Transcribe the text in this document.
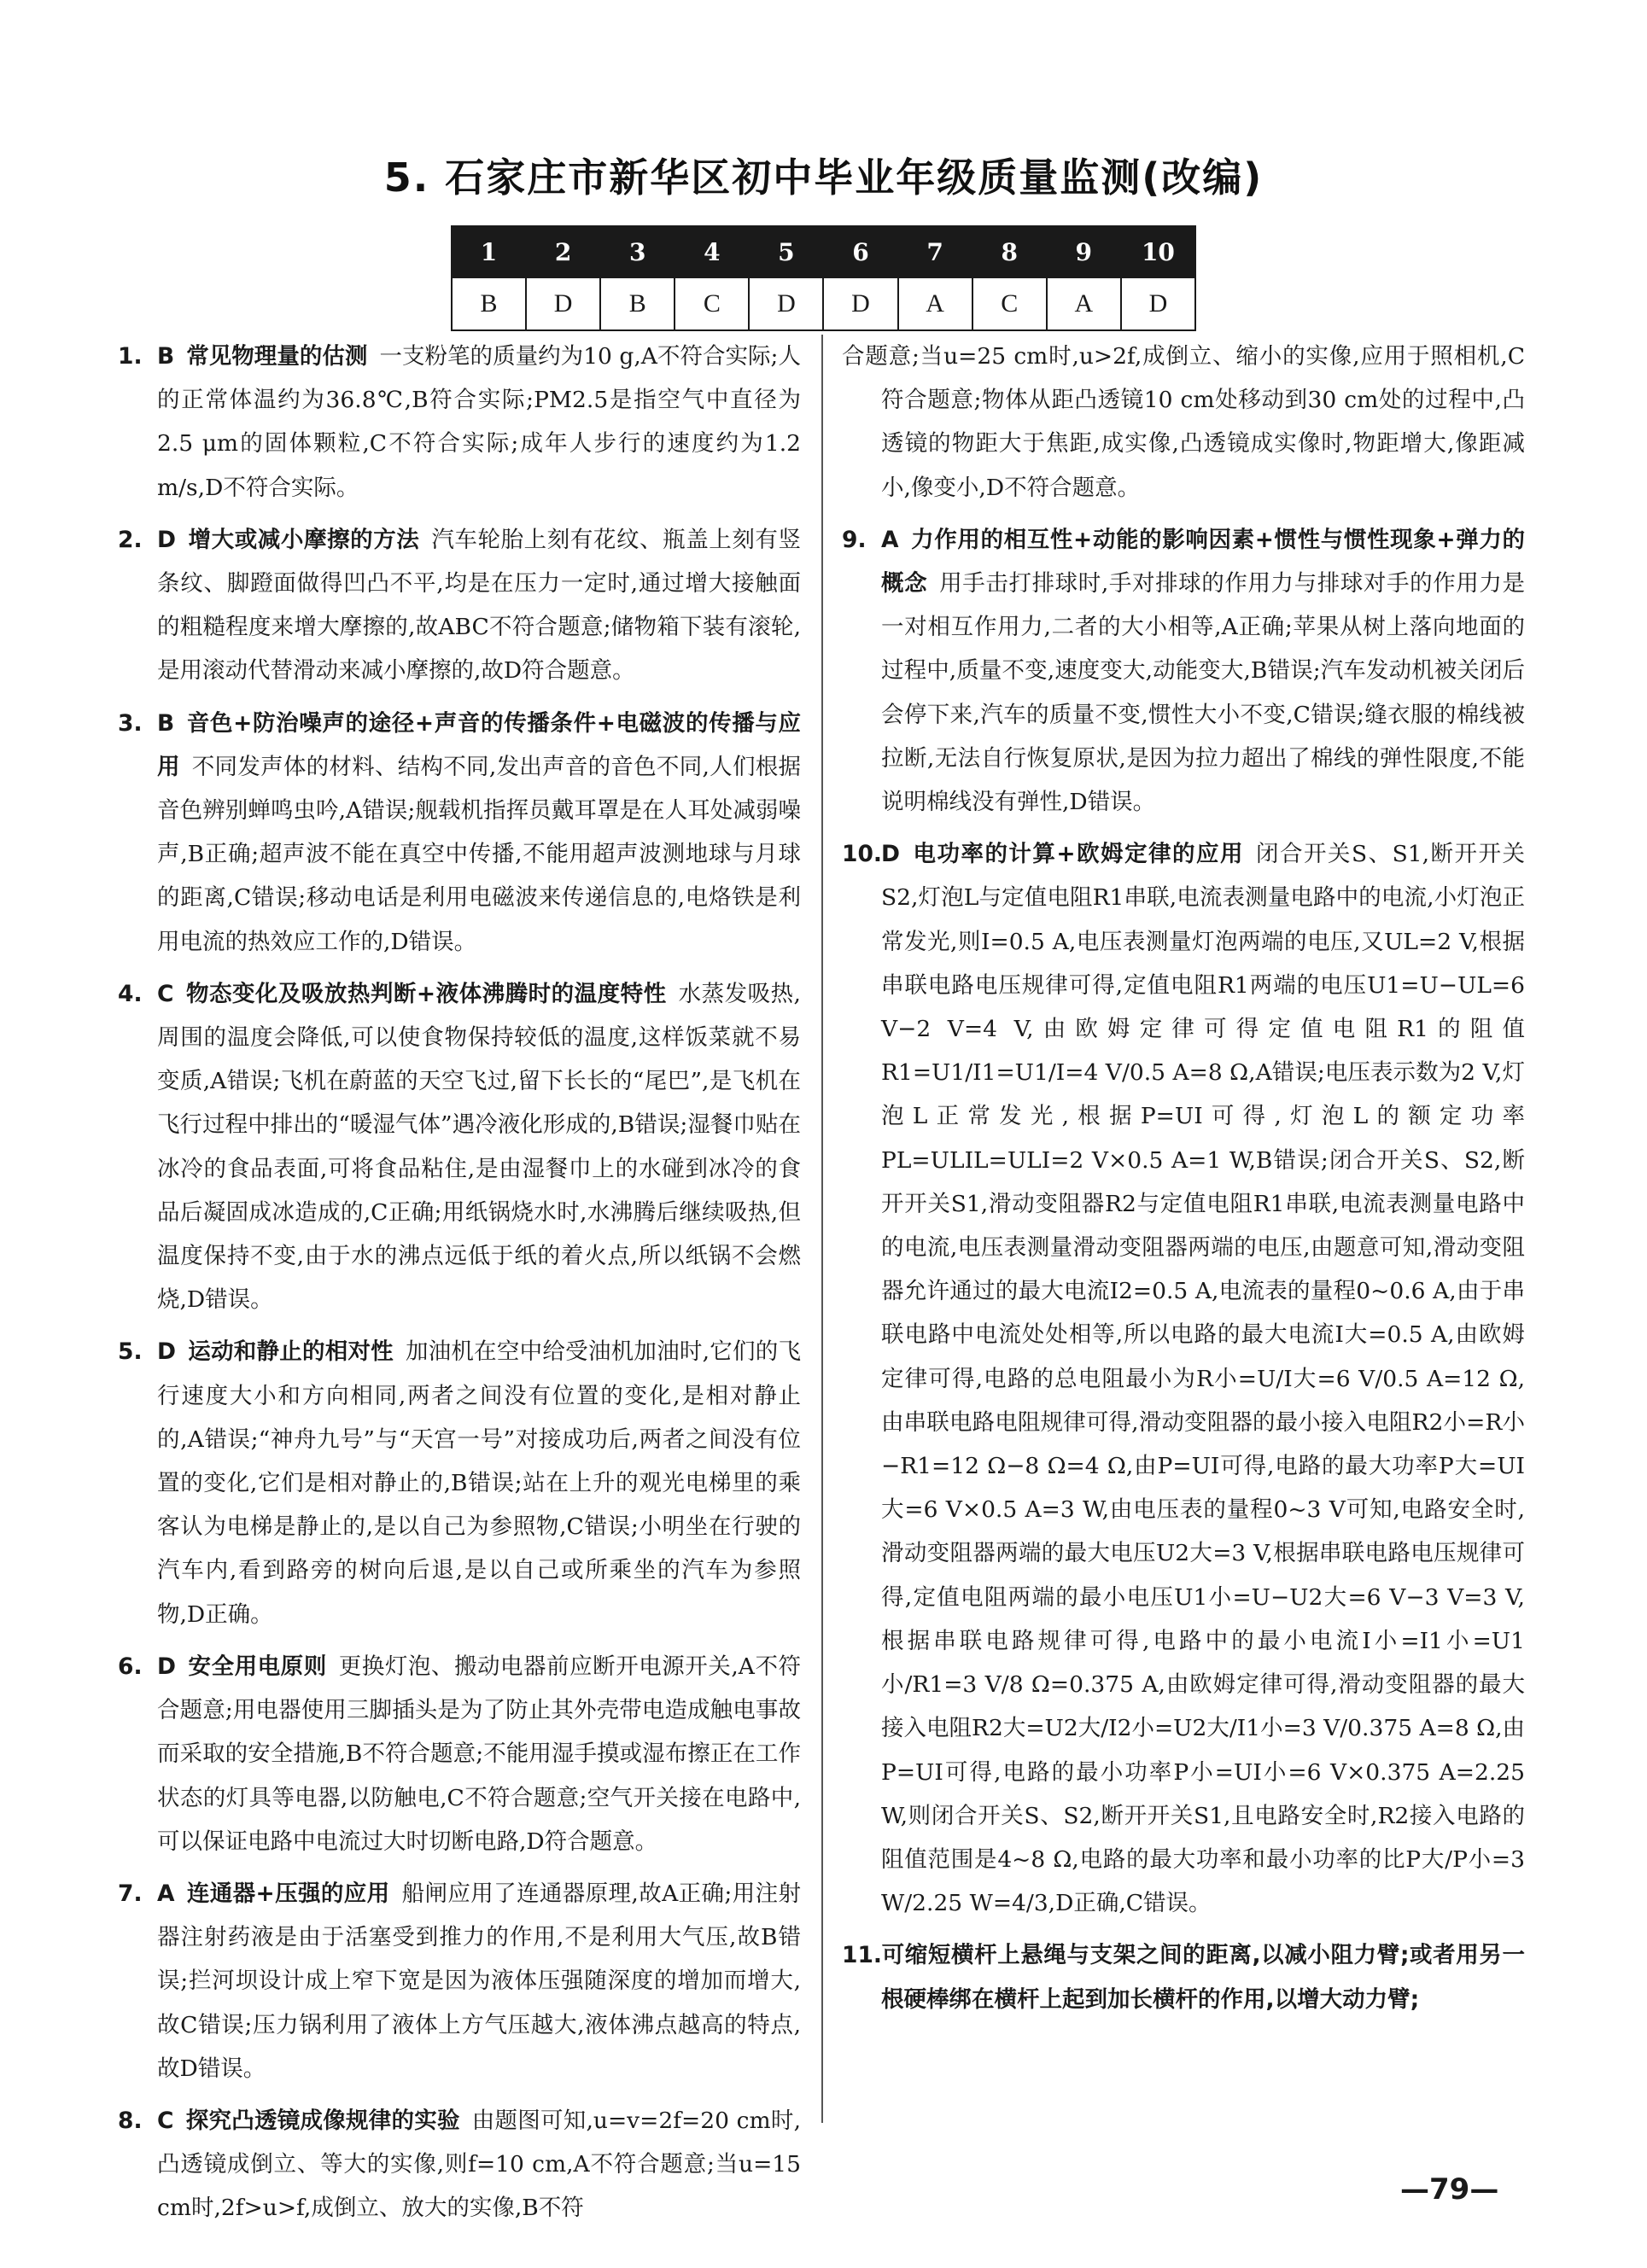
5. 石家庄市新华区初中毕业年级质量监测(改编)
1	2	3	4	5	6	7	8	9	10
B	D	B	C	D	D	A	C	A	D

1. B 常见物理量的估测 一支粉笔的质量约为10 g,A不符合实际;人的正常体温约为36.8℃,B符合实际;PM2.5是指空气中直径为2.5 μm的固体颗粒,C不符合实际;成年人步行的速度约为1.2 m/s,D不符合实际。

2. D 增大或减小摩擦的方法 汽车轮胎上刻有花纹、瓶盖上刻有竖条纹、脚蹬面做得凹凸不平,均是在压力一定时,通过增大接触面的粗糙程度来增大摩擦的,故ABC不符合题意;储物箱下装有滚轮,是用滚动代替滑动来减小摩擦的,故D符合题意。

3. B 音色+防治噪声的途径+声音的传播条件+电磁波的传播与应用 不同发声体的材料、结构不同,发出声音的音色不同,人们根据音色辨别蝉鸣虫吟,A错误;舰载机指挥员戴耳罩是在人耳处减弱噪声,B正确;超声波不能在真空中传播,不能用超声波测地球与月球的距离,C错误;移动电话是利用电磁波来传递信息的,电烙铁是利用电流的热效应工作的,D错误。

4. C 物态变化及吸放热判断+液体沸腾时的温度特性 水蒸发吸热,周围的温度会降低,可以使食物保持较低的温度,这样饭菜就不易变质,A错误;飞机在蔚蓝的天空飞过,留下长长的“尾巴”,是飞机在飞行过程中排出的“暖湿气体”遇冷液化形成的,B错误;湿餐巾贴在冰冷的食品表面,可将食品粘住,是由湿餐巾上的水碰到冰冷的食品后凝固成冰造成的,C正确;用纸锅烧水时,水沸腾后继续吸热,但温度保持不变,由于水的沸点远低于纸的着火点,所以纸锅不会燃烧,D错误。

5. D 运动和静止的相对性 加油机在空中给受油机加油时,它们的飞行速度大小和方向相同,两者之间没有位置的变化,是相对静止的,A错误;“神舟九号”与“天宫一号”对接成功后,两者之间没有位置的变化,它们是相对静止的,B错误;站在上升的观光电梯里的乘客认为电梯是静止的,是以自己为参照物,C错误;小明坐在行驶的汽车内,看到路旁的树向后退,是以自己或所乘坐的汽车为参照物,D正确。

6. D 安全用电原则 更换灯泡、搬动电器前应断开电源开关,A不符合题意;用电器使用三脚插头是为了防止其外壳带电造成触电事故而采取的安全措施,B不符合题意;不能用湿手摸或湿布擦正在工作状态的灯具等电器,以防触电,C不符合题意;空气开关接在电路中,可以保证电路中电流过大时切断电路,D符合题意。

7. A 连通器+压强的应用 船闸应用了连通器原理,故A正确;用注射器注射药液是由于活塞受到推力的作用,不是利用大气压,故B错误;拦河坝设计成上窄下宽是因为液体压强随深度的增加而增大,故C错误;压力锅利用了液体上方气压越大,液体沸点越高的特点,故D错误。

8. C 探究凸透镜成像规律的实验 由题图可知,u=v=2f=20 cm时,凸透镜成倒立、等大的实像,则f=10 cm,A不符合题意;当u=15 cm时,2f>u>f,成倒立、放大的实像,B不符

合题意;当u=25 cm时,u>2f,成倒立、缩小的实像,应用于照相机,C符合题意;物体从距凸透镜10 cm处移动到30 cm处的过程中,凸透镜的物距大于焦距,成实像,凸透镜成实像时,物距增大,像距减小,像变小,D不符合题意。

9. A 力作用的相互性+动能的影响因素+惯性与惯性现象+弹力的概念 用手击打排球时,手对排球的作用力与排球对手的作用力是一对相互作用力,二者的大小相等,A正确;苹果从树上落向地面的过程中,质量不变,速度变大,动能变大,B错误;汽车发动机被关闭后会停下来,汽车的质量不变,惯性大小不变,C错误;缝衣服的棉线被拉断,无法自行恢复原状,是因为拉力超出了棉线的弹性限度,不能说明棉线没有弹性,D错误。

10.D 电功率的计算+欧姆定律的应用 闭合开关S、S1,断开开关S2,灯泡L与定值电阻R1串联,电流表测量电路中的电流,小灯泡正常发光,则I=0.5 A,电压表测量灯泡两端的电压,又UL=2 V,根据串联电路电压规律可得,定值电阻R1两端的电压U1=U−UL=6 V−2 V=4 V,由欧姆定律可得定值电阻R1的阻值R1=U1/I1=U1/I=4 V/0.5 A=8 Ω,A错误;电压表示数为2 V,灯泡L正常发光,根据P=UI可得,灯泡L的额定功率PL=ULIL=ULI=2 V×0.5 A=1 W,B错误;闭合开关S、S2,断开开关S1,滑动变阻器R2与定值电阻R1串联,电流表测量电路中的电流,电压表测量滑动变阻器两端的电压,由题意可知,滑动变阻器允许通过的最大电流I2=0.5 A,电流表的量程0~0.6 A,由于串联电路中电流处处相等,所以电路的最大电流I大=0.5 A,由欧姆定律可得,电路的总电阻最小为R小=U/I大=6 V/0.5 A=12 Ω,由串联电路电阻规律可得,滑动变阻器的最小接入电阻R2小=R小−R1=12 Ω−8 Ω=4 Ω,由P=UI可得,电路的最大功率P大=UI大=6 V×0.5 A=3 W,由电压表的量程0~3 V可知,电路安全时,滑动变阻器两端的最大电压U2大=3 V,根据串联电路电压规律可得,定值电阻两端的最小电压U1小=U−U2大=6 V−3 V=3 V,根据串联电路规律可得,电路中的最小电流I小=I1小=U1小/R1=3 V/8 Ω=0.375 A,由欧姆定律可得,滑动变阻器的最大接入电阻R2大=U2大/I2小=U2大/I1小=3 V/0.375 A=8 Ω,由P=UI可得,电路的最小功率P小=UI小=6 V×0.375 A=2.25 W,则闭合开关S、S2,断开开关S1,且电路安全时,R2接入电路的阻值范围是4~8 Ω,电路的最大功率和最小功率的比P大/P小=3 W/2.25 W=4/3,D正确,C错误。

11.可缩短横杆上悬绳与支架之间的距离,以减小阻力臂;或者用另一根硬棒绑在横杆上起到加长横杆的作用,以增大动力臂;

—79—
